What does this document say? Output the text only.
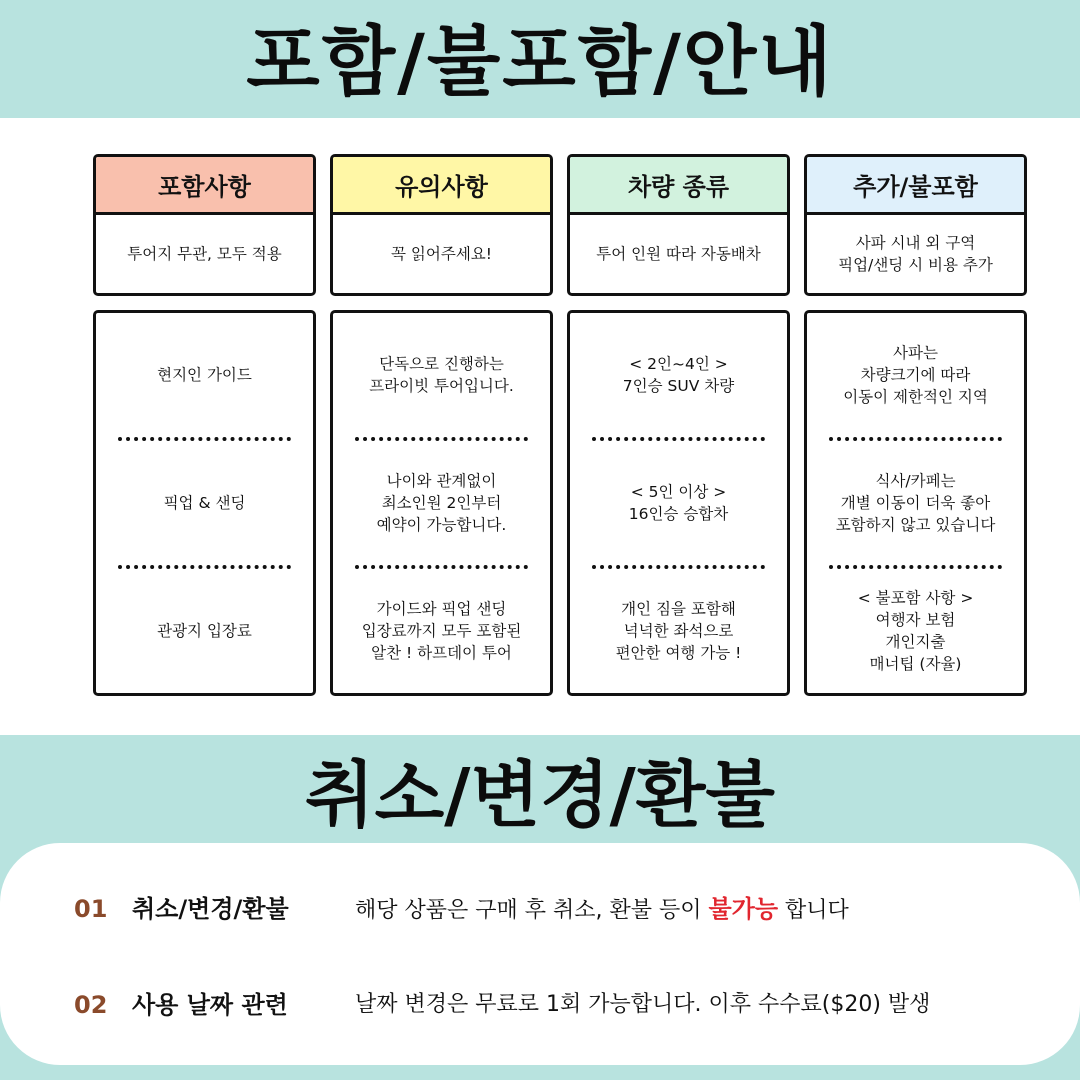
포함/불포함/안내
포함사항
투어지 무관, 모두 적용
현지인 가이드
픽업 & 샌딩
관광지 입장료
유의사항
꼭 읽어주세요!
단독으로 진행하는
프라이빗 투어입니다.
나이와 관계없이
최소인원 2인부터
예약이 가능합니다.
가이드와 픽업 샌딩
입장료까지 모두 포함된
알찬 ! 하프데이 투어
차량 종류
투어 인원 따라 자동배차
< 2인~4인 >
7인승 SUV 차량
< 5인 이상 >
16인승 승합차
개인 짐을 포함해
넉넉한 좌석으로
편안한 여행 가능 !
추가/불포함
사파 시내 외 구역
픽업/샌딩 시 비용 추가
사파는
차량크기에 따라
이동이 제한적인 지역
식사/카페는
개별 이동이 더욱 좋아
포함하지 않고 있습니다
< 불포함 사항 >
여행자 보험
개인지출
매너팁 (자율)
취소/변경/환불
01 취소/변경/환불	해당 상품은 구매 후 취소, 환불 등이 불가능 합니다
02 사용 날짜 관련	날짜 변경은 무료로 1회 가능합니다. 이후 수수료($20) 발생
